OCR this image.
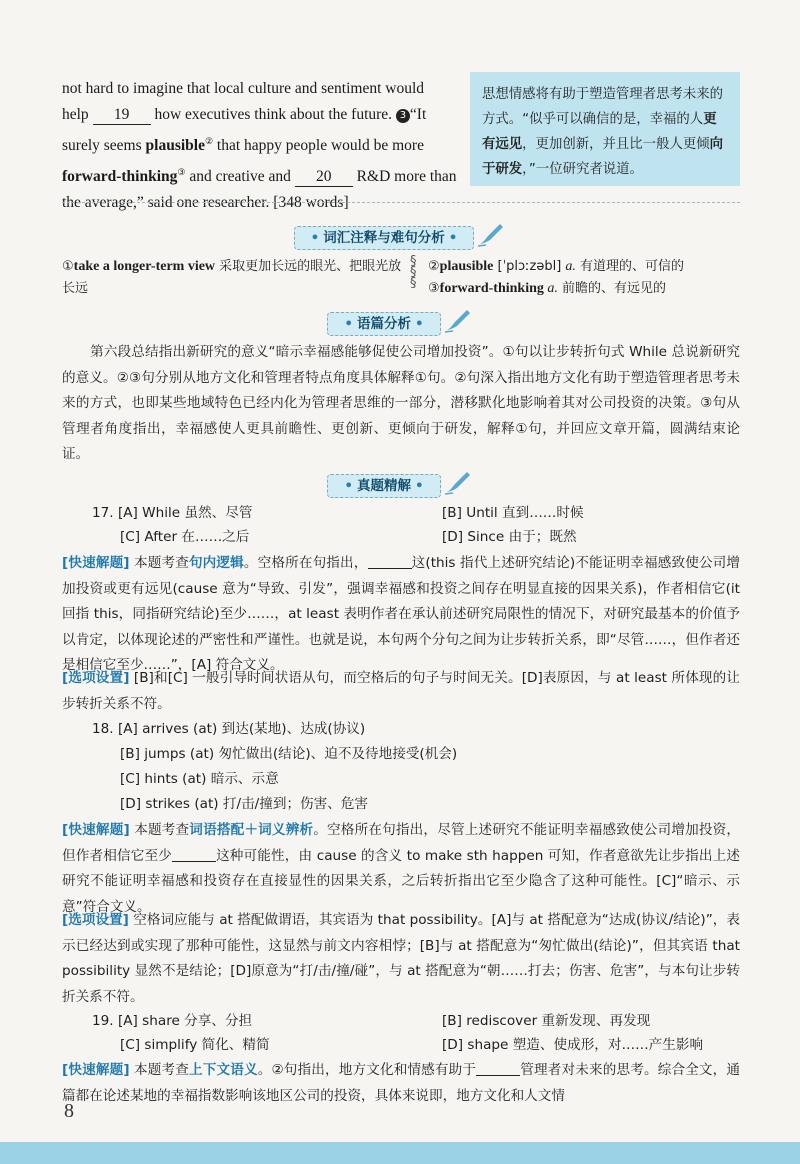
not hard to imagine that local culture and sentiment would
help 19 how executives think about the future. 3 “It
surely seems plausible② that happy people would be more
forward-thinking③ and creative and 20 R&D more than
the average,” said one researcher. [348 words]
思想情感将有助于塑造管理者思考未来的方式。“似乎可以确信的是，幸福的人更有远见，更加创新，并且比一般人更倾向于研发，”一位研究者说道。
• 词汇注释与难句分析 •
①take a longer-term view 采取更加长远的眼光、把眼光放长远
§
§
§
②plausible [ˈplɔːzəbl] a. 有道理的、可信的
③forward-thinking a. 前瞻的、有远见的
• 语篇分析 •
第六段总结指出新研究的意义“暗示幸福感能够促使公司增加投资”。①句以让步转折句式 While 总说新研究的意义。②③句分别从地方文化和管理者特点角度具体解释①句。②句深入指出地方文化有助于塑造管理者思考未来的方式，也即某些地域特色已经内化为管理者思维的一部分，潜移默化地影响着其对公司投资的决策。③句从管理者角度指出，幸福感使人更具前瞻性、更创新、更倾向于研发，解释①句，并回应文章开篇，圆满结束论证。
• 真题精解 •
17. [A] While 虽然、尽管	[B] Until 直到……时候
[C] After 在……之后	[D] Since 由于；既然
[快速解题] 本题考查句内逻辑。空格所在句指出，	这(this 指代上述研究结论)不能证明幸福感致使公司增加投资或更有远见(cause 意为“导致、引发”，强调幸福感和投资之间存在明显直接的因果关系)，作者相信它(it 回指 this，同指研究结论)至少……，at least 表明作者在承认前述研究局限性的情况下，对研究最基本的价值予以肯定，以体现论述的严密性和严谨性。也就是说，本句两个分句之间为让步转折关系，即“尽管……，但作者还是相信它至少……”，[A] 符合文义。
[选项设置] [B]和[C] 一般引导时间状语从句，而空格后的句子与时间无关。[D]表原因，与 at least 所体现的让步转折关系不符。
18. [A] arrives (at) 到达(某地)、达成(协议)
[B] jumps (at) 匆忙做出(结论)、迫不及待地接受(机会)
[C] hints (at) 暗示、示意
[D] strikes (at) 打/击/撞到；伤害、危害
[快速解题] 本题考查词语搭配＋词义辨析。空格所在句指出，尽管上述研究不能证明幸福感致使公司增加投资，但作者相信它至少	这种可能性，由 cause 的含义 to make sth happen 可知，作者意欲先让步指出上述研究不能证明幸福感和投资存在直接显性的因果关系，之后转折指出它至少隐含了这种可能性。[C]“暗示、示意”符合文义。
[选项设置] 空格词应能与 at 搭配做谓语，其宾语为 that possibility。[A]与 at 搭配意为“达成(协议/结论)”，表示已经达到或实现了那种可能性，这显然与前文内容相悖；[B]与 at 搭配意为“匆忙做出(结论)”，但其宾语 that possibility 显然不是结论；[D]原意为“打/击/撞/碰”，与 at 搭配意为“朝……打去；伤害、危害”，与本句让步转折关系不符。
19. [A] share 分享、分担	[B] rediscover 重新发现、再发现
[C] simplify 简化、精简	[D] shape 塑造、使成形，对……产生影响
[快速解题] 本题考查上下文语义。②句指出，地方文化和情感有助于	管理者对未来的思考。综合全文，通篇都在论述某地的幸福指数影响该地区公司的投资，具体来说即，地方文化和人文情
8
